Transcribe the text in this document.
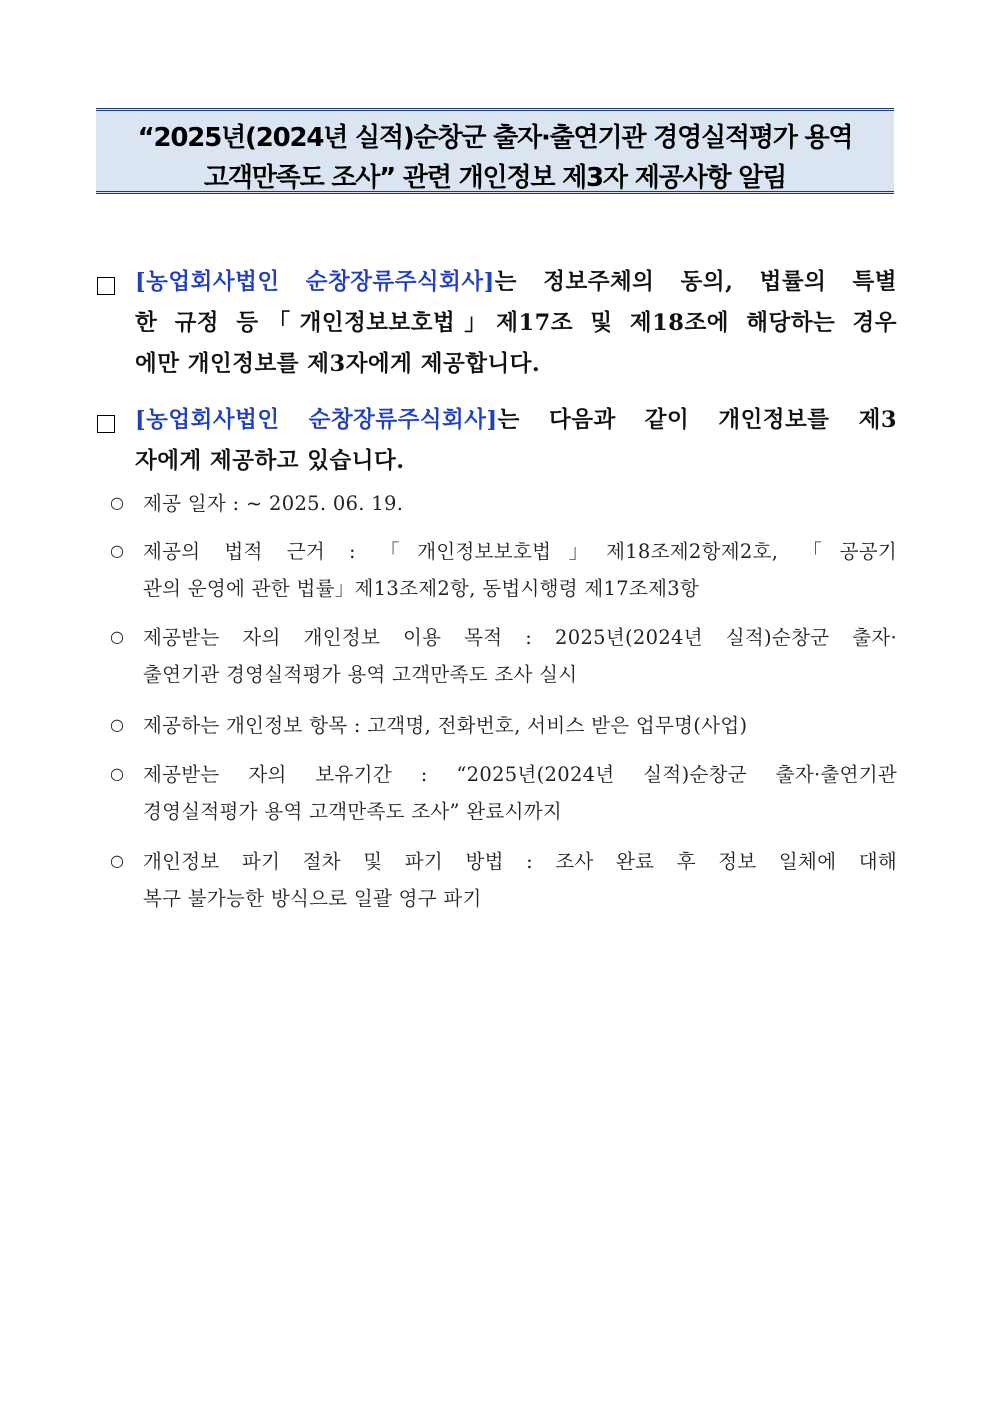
“2025년(2024년 실적)순창군 출자·출연기관 경영실적평가 용역
고객만족도 조사” 관련 개인정보 제3자 제공사항 알림
[농업회사법인 순창장류주식회사]는 정보주체의 동의, 법률의 특별
한 규정 등「개인정보보호법」제17조 및 제18조에 해당하는 경우
에만 개인정보를 제3자에게 제공합니다.
[농업회사법인 순창장류주식회사]는 다음과 같이 개인정보를 제3
자에게 제공하고 있습니다.
○ 제공 일자 : ~ 2025. 06. 19.
○ 제공의 법적 근거 : 「개인정보보호법」제18조제2항제2호, 「공공기
관의 운영에 관한 법률」제13조제2항, 동법시행령 제17조제3항
○ 제공받는 자의 개인정보 이용 목적 : 2025년(2024년 실적)순창군 출자·
출연기관 경영실적평가 용역 고객만족도 조사 실시
○ 제공하는 개인정보 항목 : 고객명, 전화번호, 서비스 받은 업무명(사업)
○ 제공받는 자의 보유기간 : “2025년(2024년 실적)순창군 출자·출연기관
경영실적평가 용역 고객만족도 조사” 완료시까지
○ 개인정보 파기 절차 및 파기 방법 : 조사 완료 후 정보 일체에 대해
복구 불가능한 방식으로 일괄 영구 파기
